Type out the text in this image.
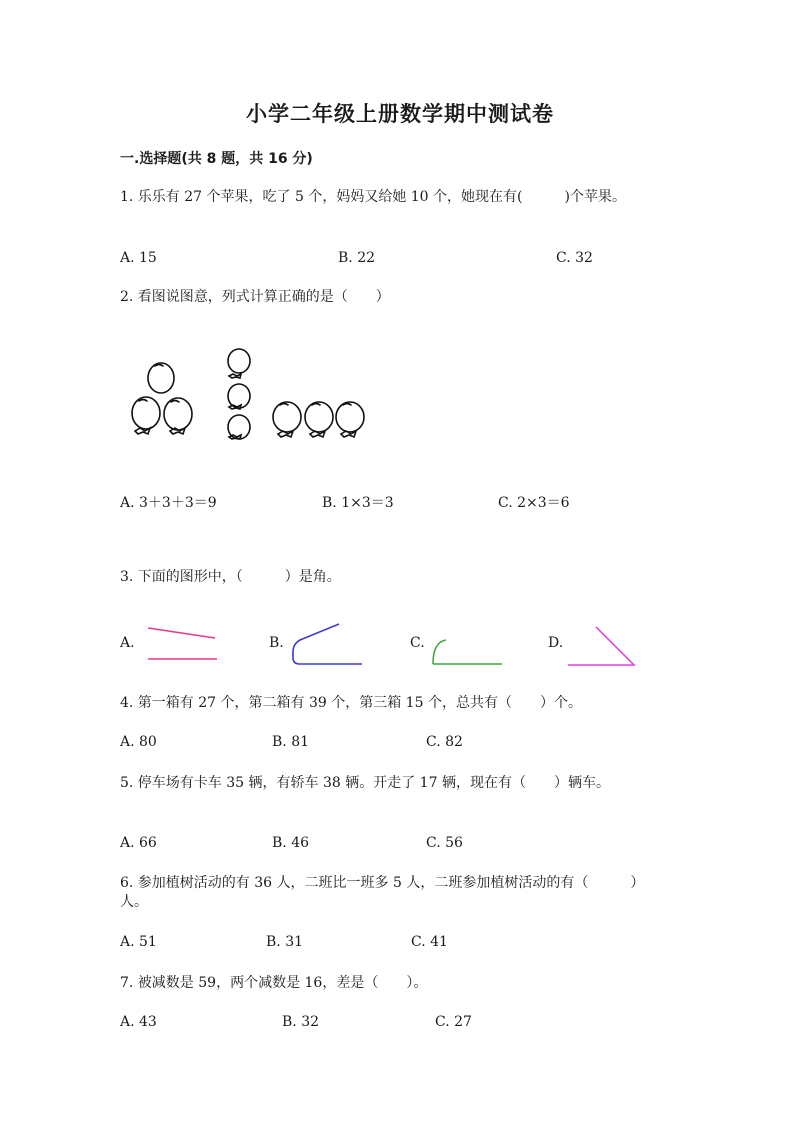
小学二年级上册数学期中测试卷
一.选择题(共 8 题，共 16 分)
1. 乐乐有 27 个苹果，吃了 5 个，妈妈又给她 10 个，她现在有(　　　)个苹果。
A. 15	B. 22	C. 32
2. 看图说图意，列式计算正确的是（　　）
A. 3＋3＋3＝9	B. 1×3＝3	C. 2×3＝6
3. 下面的图形中，（　　　）是角。
A.	B.	C.	D.
4. 第一箱有 27 个，第二箱有 39 个，第三箱 15 个，总共有（　　）个。
A. 80	B. 81	C. 82
5. 停车场有卡车 35 辆，有轿车 38 辆。开走了 17 辆，现在有（　　）辆车。
A. 66	B. 46	C. 56
6. 参加植树活动的有 36 人，二班比一班多 5 人，二班参加植树活动的有（　　　）人。
A. 51	B. 31	C. 41
7. 被减数是 59，两个减数是 16，差是（　　）。
A. 43	B. 32	C. 27
